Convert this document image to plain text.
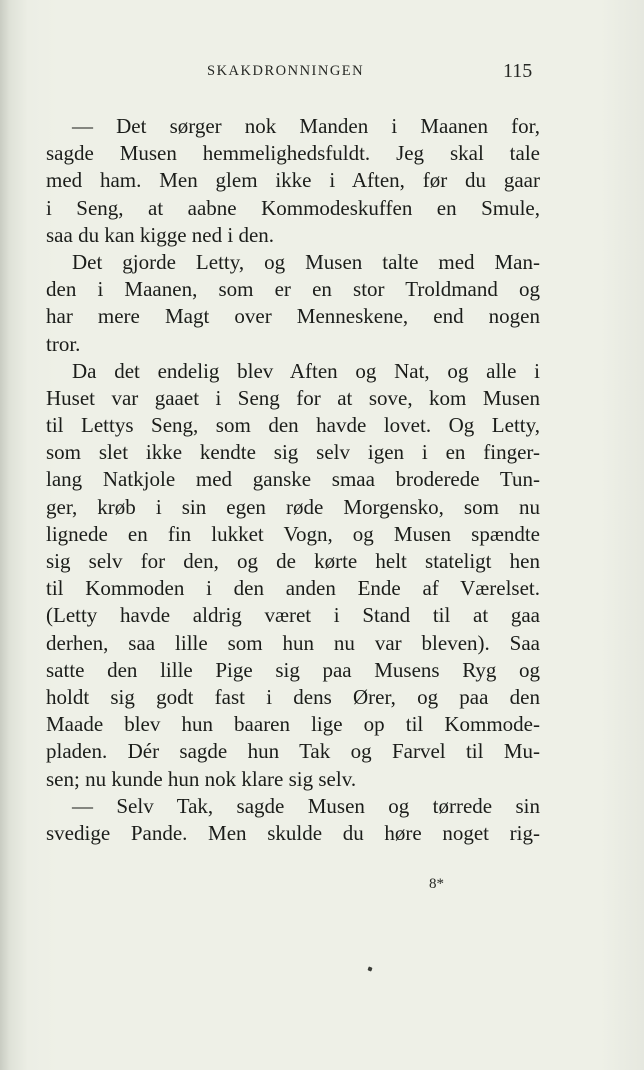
SKAKDRONNINGEN	115
— Det sørger nok Manden i Maanen for,
sagde Musen hemmelighedsfuldt. Jeg skal tale
med ham. Men glem ikke i Aften, før du gaar
i Seng, at aabne Kommodeskuffen en Smule,
saa du kan kigge ned i den.
Det gjorde Letty, og Musen talte med Man-
den i Maanen, som er en stor Troldmand og
har mere Magt over Menneskene, end nogen
tror.
Da det endelig blev Aften og Nat, og alle i
Huset var gaaet i Seng for at sove, kom Musen
til Lettys Seng, som den havde lovet. Og Letty,
som slet ikke kendte sig selv igen i en finger-
lang Natkjole med ganske smaa broderede Tun-
ger, krøb i sin egen røde Morgensko, som nu
lignede en fin lukket Vogn, og Musen spændte
sig selv for den, og de kørte helt stateligt hen
til Kommoden i den anden Ende af Værelset.
(Letty havde aldrig været i Stand til at gaa
derhen, saa lille som hun nu var bleven). Saa
satte den lille Pige sig paa Musens Ryg og
holdt sig godt fast i dens Ører, og paa den
Maade blev hun baaren lige op til Kommode-
pladen. Dér sagde hun Tak og Farvel til Mu-
sen; nu kunde hun nok klare sig selv.
— Selv Tak, sagde Musen og tørrede sin
svedige Pande. Men skulde du høre noget rig-
8*
